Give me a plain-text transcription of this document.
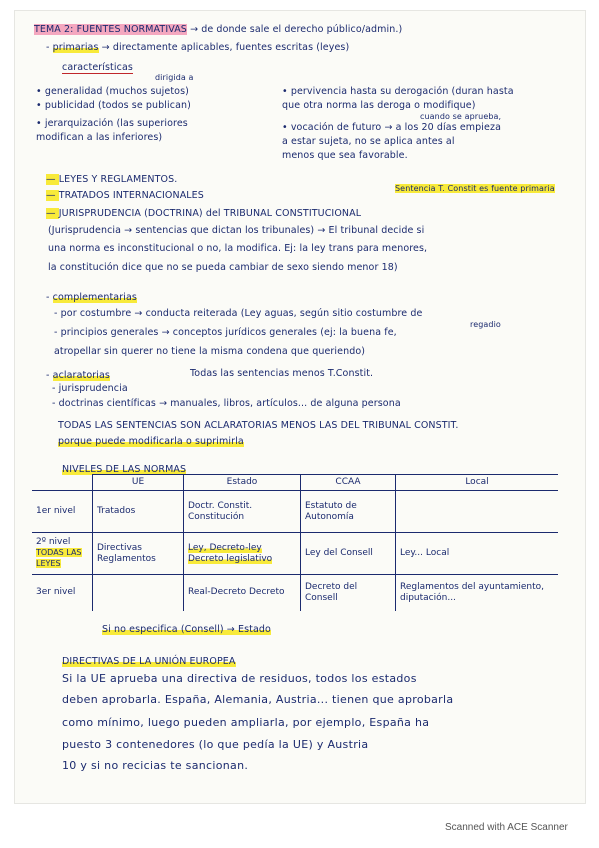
TEMA 2: FUENTES NORMATIVAS → de donde sale el derecho público/admin.)
- primarias → directamente aplicables, fuentes escritas (leyes)
dirigida a
características
• generalidad (muchos sujetos)
• publicidad (todos se publican)
• jerarquización (las superiores
modifican a las inferiores)
• pervivencia hasta su derogación (duran hasta
que otra norma las deroga o modifique)
cuando se aprueba,
• vocación de futuro → a los 20 días empieza
a estar sujeta, no se aplica antes al
menos que sea favorable.
— LEYES Y REGLAMENTOS.
— TRATADOS INTERNACIONALES
Sentencia T. Constit es fuente primaria
— JURISPRUDENCIA (DOCTRINA) del TRIBUNAL CONSTITUCIONAL
(Jurisprudencia → sentencias que dictan los tribunales) → El tribunal decide si
una norma es inconstitucional o no, la modifica. Ej: la ley trans para menores,
la constitución dice que no se pueda cambiar de sexo siendo menor 18)
- complementarias
regadio
- por costumbre → conducta reiterada (Ley aguas, según sitio costumbre de
- principios generales → conceptos jurídicos generales (ej: la buena fe,
atropellar sin querer no tiene la misma condena que queriendo)
- aclaratorias	Todas las sentencias menos T.Constit.
- jurisprudencia
- doctrinas científicas → manuales, libros, artículos... de alguna persona
TODAS LAS SENTENCIAS SON ACLARATORIAS MENOS LAS DEL TRIBUNAL CONSTIT.
porque puede modificarla o suprimirla
NIVELES DE LAS NORMAS
	UE	Estado	CCAA	Local
1er nivel	Tratados	Doctr. Constit. Constitución	Estatuto de Autonomía	
2º nivel
TODAS LAS LEYES	Directivas Reglamentos	Ley, Decreto-ley Decreto legislativo	Ley del Consell	Ley... Local
3er nivel		Real-Decreto Decreto	Decreto del Consell	Reglamentos del ayuntamiento, diputación...
Si no especifica (Consell) → Estado
DIRECTIVAS DE LA UNIÓN EUROPEA
Si la UE aprueba una directiva de residuos, todos los estados
deben aprobarla. España, Alemania, Austria... tienen que aprobarla
como mínimo, luego pueden ampliarla, por ejemplo, España ha
puesto 3 contenedores (lo que pedía la UE) y Austria
10 y si no recicias te sancionan.
Scanned with ACE Scanner
